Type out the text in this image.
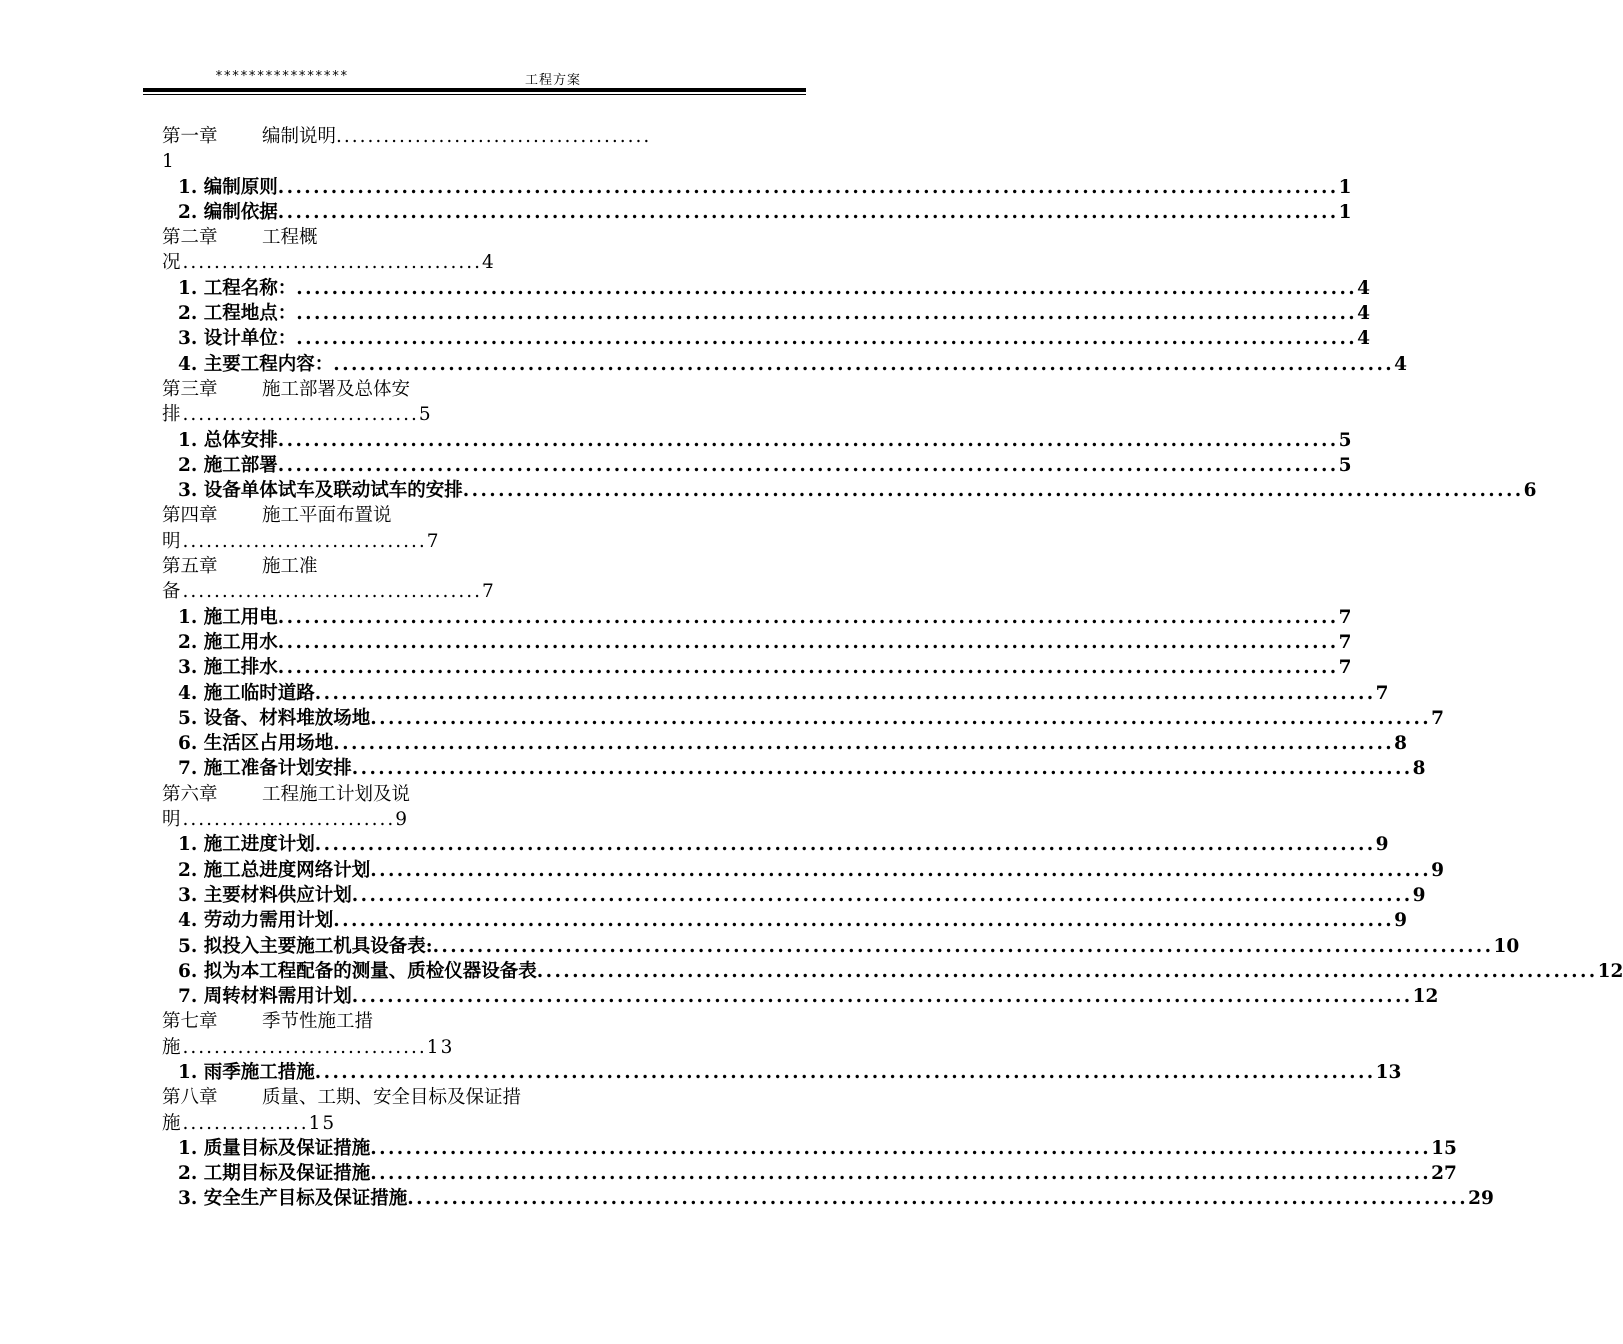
****************	工程方案
第一章 编制说明........................................
1
1. 编制原则 ........................................................................................................................ 1
2. 编制依据 ........................................................................................................................ 1
第二章 工程概
况......................................4
1. 工程名称： ........................................................................................................................ 4
2. 工程地点： ........................................................................................................................ 4
3. 设计单位： ........................................................................................................................ 4
4. 主要工程内容： ........................................................................................................................ 4
第三章 施工部署及总体安
排..............................5
1. 总体安排 ........................................................................................................................ 5
2. 施工部署 ........................................................................................................................ 5
3. 设备单体试车及联动试车的安排 ........................................................................................................................ 6
第四章 施工平面布置说
明...............................7
第五章 施工准
备......................................7
1. 施工用电 ........................................................................................................................ 7
2. 施工用水 ........................................................................................................................ 7
3. 施工排水 ........................................................................................................................ 7
4. 施工临时道路 ........................................................................................................................ 7
5. 设备、材料堆放场地 ........................................................................................................................ 7
6. 生活区占用场地 ........................................................................................................................ 8
7. 施工准备计划安排 ........................................................................................................................ 8
第六章 工程施工计划及说
明...........................9
1. 施工进度计划 ........................................................................................................................ 9
2. 施工总进度网络计划 ........................................................................................................................ 9
3. 主要材料供应计划 ........................................................................................................................ 9
4. 劳动力需用计划 ........................................................................................................................ 9
5. 拟投入主要施工机具设备表: ........................................................................................................................ 10
6. 拟为本工程配备的测量、质检仪器设备表 ........................................................................................................................ 12
7. 周转材料需用计划 ........................................................................................................................ 12
第七章 季节性施工措
施...............................13
1. 雨季施工措施 ........................................................................................................................ 13
第八章 质量、工期、安全目标及保证措
施................15
1. 质量目标及保证措施 ........................................................................................................................ 15
2. 工期目标及保证措施 ........................................................................................................................ 27
3. 安全生产目标及保证措施 ........................................................................................................................ 29
